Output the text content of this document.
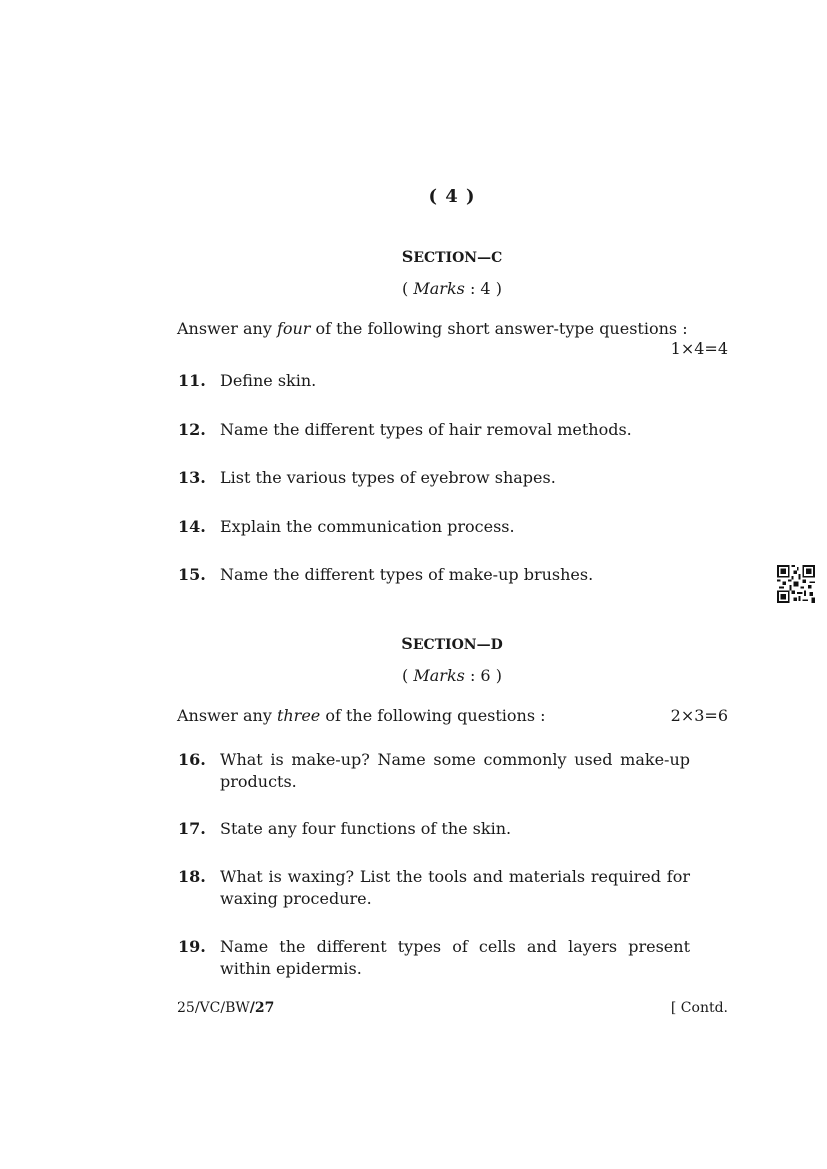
( 4 )
SECTION—C
( Marks : 4 )
Answer any four of the following short answer-type questions :
1×4=4
11. Define skin.
12. Name the different types of hair removal methods.
13. List the various types of eyebrow shapes.
14. Explain the communication process.
15. Name the different types of make-up brushes.
SECTION—D
( Marks : 6 )
Answer any three of the following questions :	2×3=6
16. What is make-up? Name some commonly used make-up
products.
17. State any four functions of the skin.
18. What is waxing? List the tools and materials required for
waxing procedure.
19. Name the different types of cells and layers present
within epidermis.
25/VC/BW/27	[ Contd.
